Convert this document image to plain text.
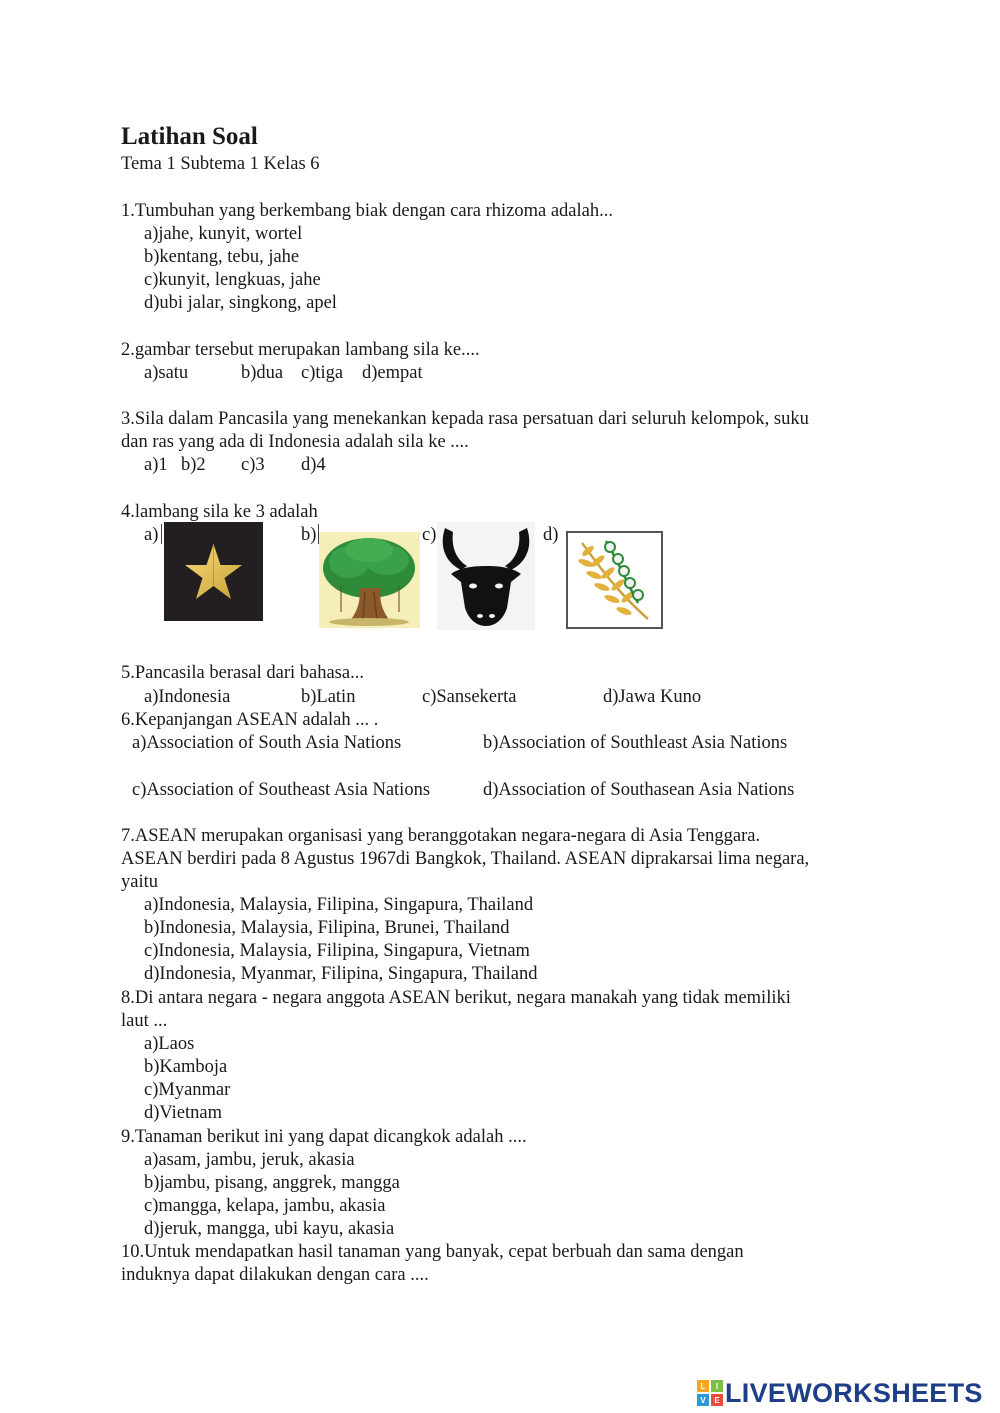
Latihan Soal
Tema 1 Subtema 1 Kelas 6
1.Tumbuhan yang berkembang biak dengan cara rhizoma adalah...
a)jahe, kunyit, wortel
b)kentang, tebu, jahe
c)kunyit, lengkuas, jahe
d)ubi jalar, singkong, apel
2.gambar tersebut merupakan lambang sila ke....
a)satu	b)dua c)tiga d)empat
3.Sila dalam Pancasila yang menekankan kepada rasa persatuan dari seluruh kelompok, suku
dan ras yang ada di Indonesia adalah sila ke ....
a)1 b)2 c)3 d)4
4.lambang sila ke 3 adalah
a)	b)	c)	d)
5.Pancasila berasal dari bahasa...
a)Indonesia	b)Latin	c)Sansekerta	d)Jawa Kuno
6.Kepanjangan ASEAN adalah ... .
a)Association of South Asia Nations	b)Association of Southleast Asia Nations
c)Association of Southeast Asia Nations	d)Association of Southasean Asia Nations
7.ASEAN merupakan organisasi yang beranggotakan negara-negara di Asia Tenggara.
ASEAN berdiri pada 8 Agustus 1967di Bangkok, Thailand. ASEAN diprakarsai lima negara,
yaitu
a)Indonesia, Malaysia, Filipina, Singapura, Thailand
b)Indonesia, Malaysia, Filipina, Brunei, Thailand
c)Indonesia, Malaysia, Filipina, Singapura, Vietnam
d)Indonesia, Myanmar, Filipina, Singapura, Thailand
8.Di antara negara - negara anggota ASEAN berikut, negara manakah yang tidak memiliki
laut ...
a)Laos
b)Kamboja
c)Myanmar
d)Vietnam
9.Tanaman berikut ini yang dapat dicangkok adalah ....
a)asam, jambu, jeruk, akasia
b)jambu, pisang, anggrek, mangga
c)mangga, kelapa, jambu, akasia
d)jeruk, mangga, ubi kayu, akasia
10.Untuk mendapatkan hasil tanaman yang banyak, cepat berbuah dan sama dengan
induknya dapat dilakukan dengan cara ....
L	I
V	E LIVEWORKSHEETS
